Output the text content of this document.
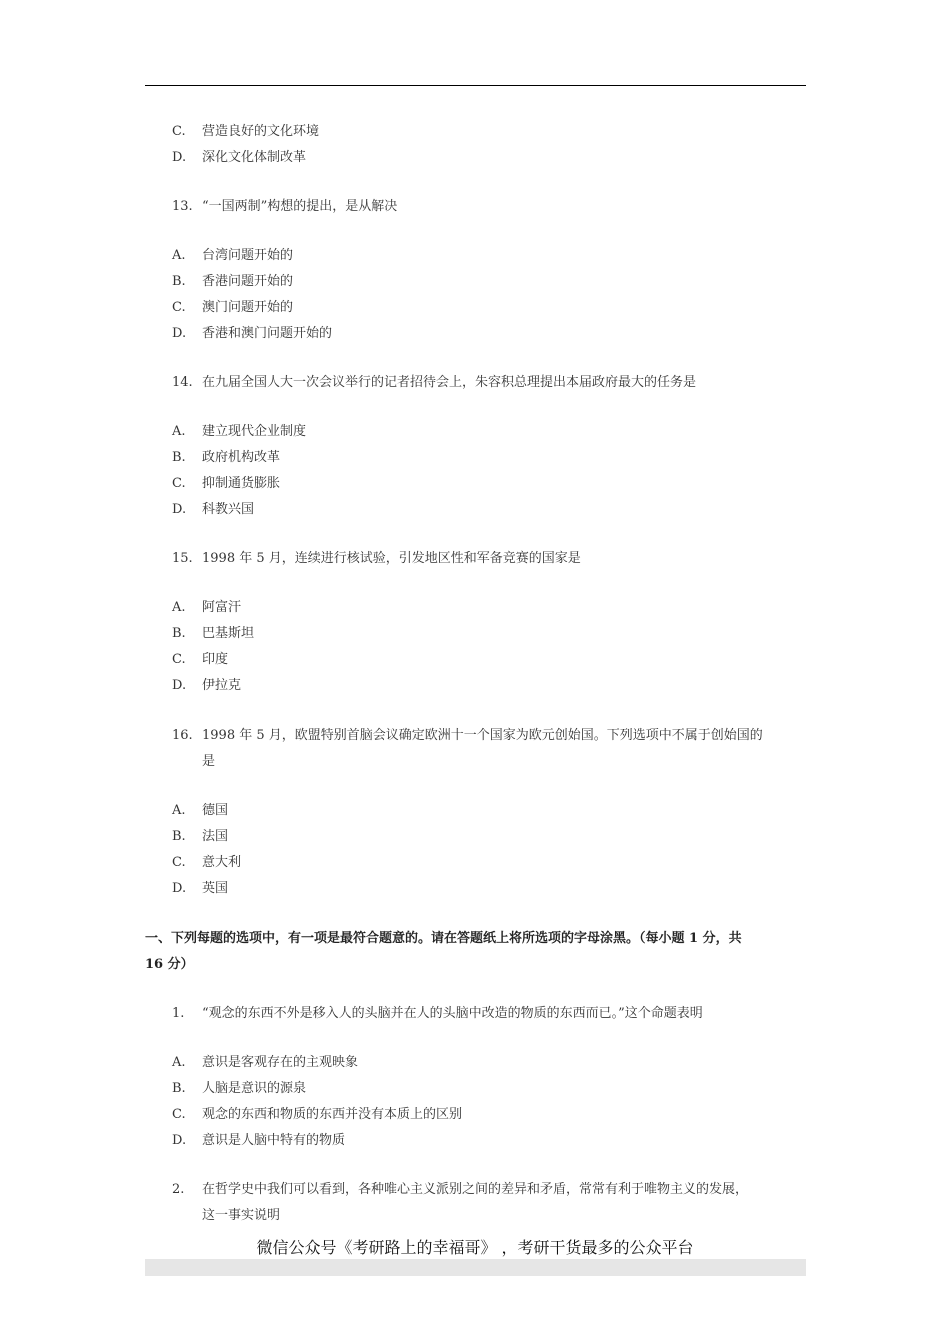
C. 营造良好的文化环境
D. 深化文化体制改革
13. “一国两制”构想的提出，是从解决
A. 台湾问题开始的
B. 香港问题开始的
C. 澳门问题开始的
D. 香港和澳门问题开始的
14. 在九届全国人大一次会议举行的记者招待会上，朱容积总理提出本届政府最大的任务是
A. 建立现代企业制度
B. 政府机构改革
C. 抑制通货膨胀
D. 科教兴国
15. 1998 年 5 月，连续进行核试验，引发地区性和军备竞赛的国家是
A. 阿富汗
B. 巴基斯坦
C. 印度
D. 伊拉克
16. 1998 年 5 月，欧盟特别首脑会议确定欧洲十一个国家为欧元创始国。下列选项中不属于创始国的
是
A. 德国
B. 法国
C. 意大利
D. 英国
一、下列每题的选项中，有一项是最符合题意的。请在答题纸上将所选项的字母涂黑。（每小题 1 分，共
16 分）
1. “观念的东西不外是移入人的头脑并在人的头脑中改造的物质的东西而已。”这个命题表明
A. 意识是客观存在的主观映象
B. 人脑是意识的源泉
C. 观念的东西和物质的东西并没有本质上的区别
D. 意识是人脑中特有的物质
2. 在哲学史中我们可以看到，各种唯心主义派别之间的差异和矛盾，常常有利于唯物主义的发展，
这一事实说明
微信公众号《考研路上的幸福哥》 ，考研干货最多的公众平台
